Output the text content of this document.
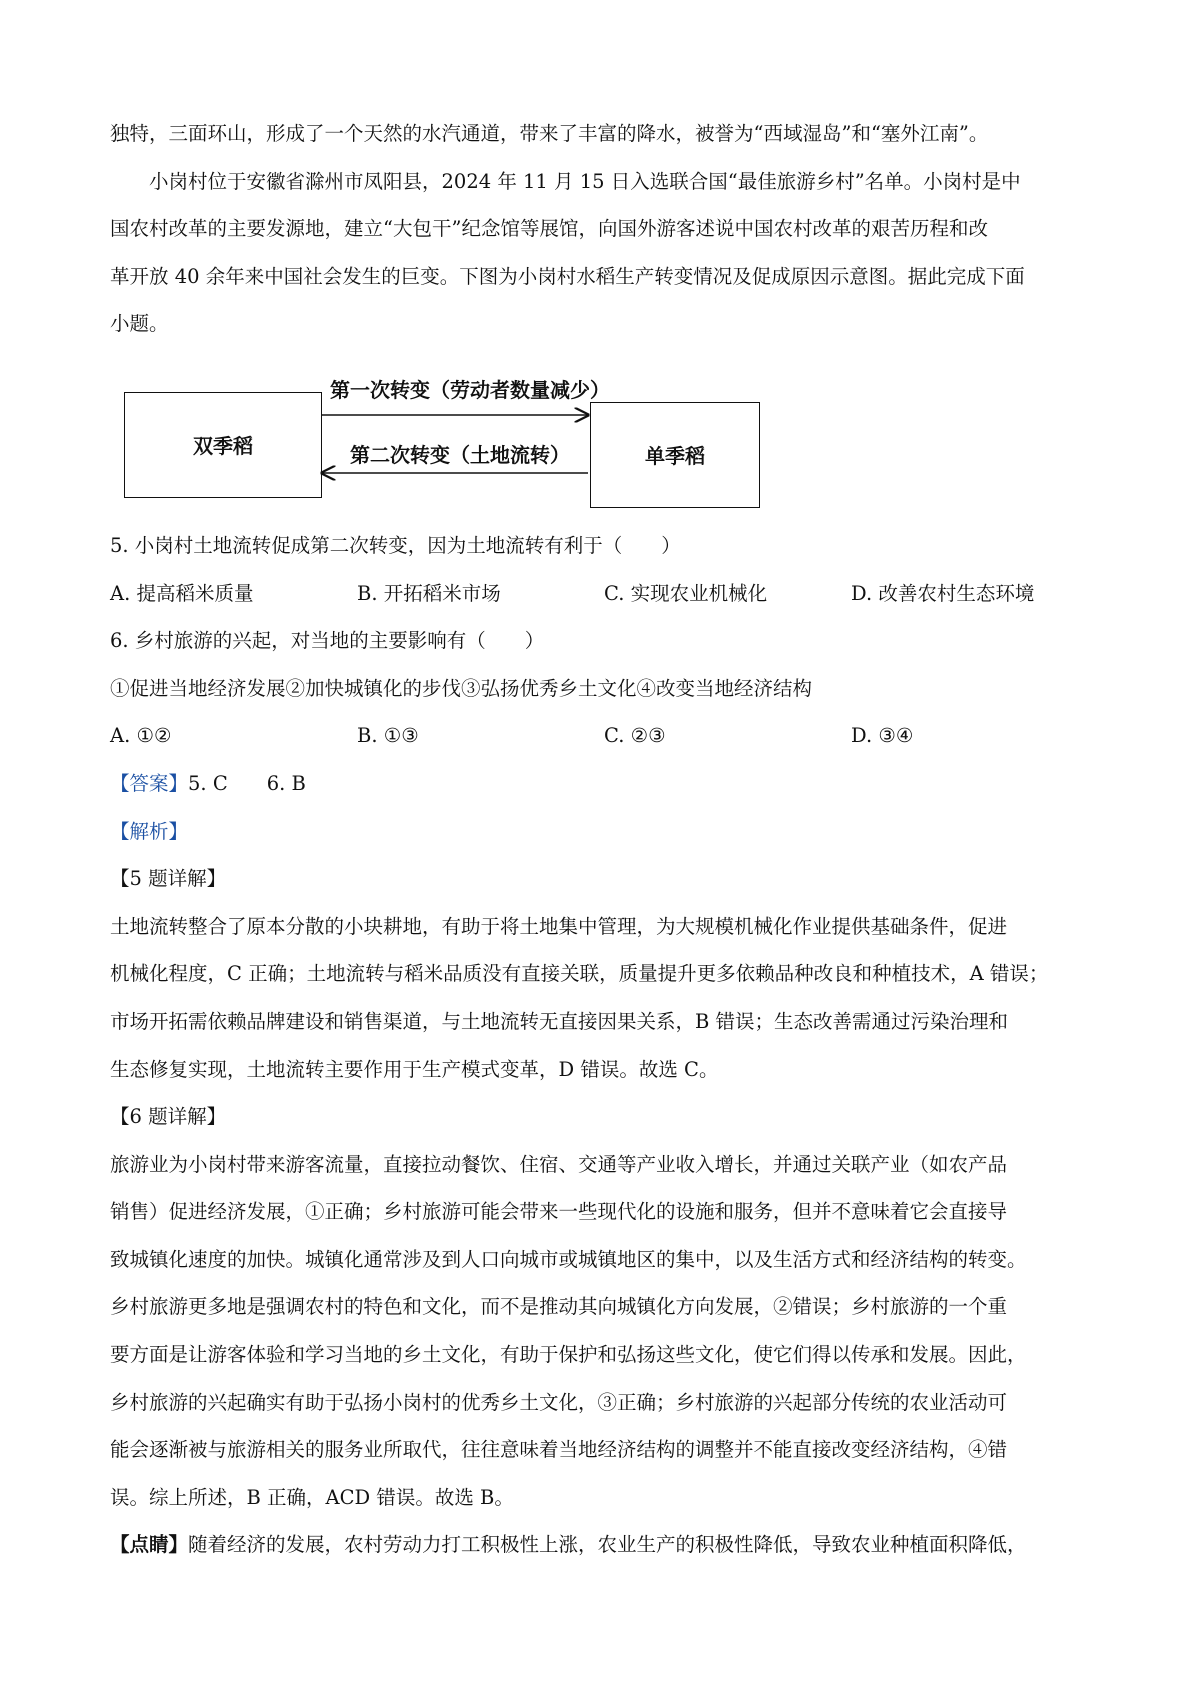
独特，三面环山，形成了一个天然的水汽通道，带来了丰富的降水，被誉为“西域湿岛”和“塞外江南”。
小岗村位于安徽省滁州市凤阳县，2024 年 11 月 15 日入选联合国“最佳旅游乡村”名单。小岗村是中
国农村改革的主要发源地，建立“大包干”纪念馆等展馆，向国外游客述说中国农村改革的艰苦历程和改
革开放 40 余年来中国社会发生的巨变。下图为小岗村水稻生产转变情况及促成原因示意图。据此完成下面
小题。
双季稻	单季稻
第一次转变（劳动者数量减少）
第二次转变（土地流转）
5. 小岗村土地流转促成第二次转变，因为土地流转有利于（　　）
A. 提高稻米质量	B. 开拓稻米市场	C. 实现农业机械化	D. 改善农村生态环境
6. 乡村旅游的兴起，对当地的主要影响有（　　）
①促进当地经济发展②加快城镇化的步伐③弘扬优秀乡土文化④改变当地经济结构
A. ①②	B. ①③	C. ②③	D. ③④
【答案】5. C　　6. B
【解析】
【5 题详解】
土地流转整合了原本分散的小块耕地，有助于将土地集中管理，为大规模机械化作业提供基础条件，促进
机械化程度，C 正确；土地流转与稻米品质没有直接关联，质量提升更多依赖品种改良和种植技术，A 错误；
市场开拓需依赖品牌建设和销售渠道，与土地流转无直接因果关系，B 错误；生态改善需通过污染治理和
生态修复实现，土地流转主要作用于生产模式变革，D 错误。故选 C。
【6 题详解】
旅游业为小岗村带来游客流量，直接拉动餐饮、住宿、交通等产业收入增长，并通过关联产业（如农产品
销售）促进经济发展，①正确；乡村旅游可能会带来一些现代化的设施和服务，但并不意味着它会直接导
致城镇化速度的加快。城镇化通常涉及到人口向城市或城镇地区的集中，以及生活方式和经济结构的转变。
乡村旅游更多地是强调农村的特色和文化，而不是推动其向城镇化方向发展，②错误；乡村旅游的一个重
要方面是让游客体验和学习当地的乡土文化，有助于保护和弘扬这些文化，使它们得以传承和发展。因此，
乡村旅游的兴起确实有助于弘扬小岗村的优秀乡土文化，③正确；乡村旅游的兴起部分传统的农业活动可
能会逐渐被与旅游相关的服务业所取代，往往意味着当地经济结构的调整并不能直接改变经济结构，④错
误。综上所述，B 正确，ACD 错误。故选 B。
【点睛】随着经济的发展，农村劳动力打工积极性上涨，农业生产的积极性降低，导致农业种植面积降低，
